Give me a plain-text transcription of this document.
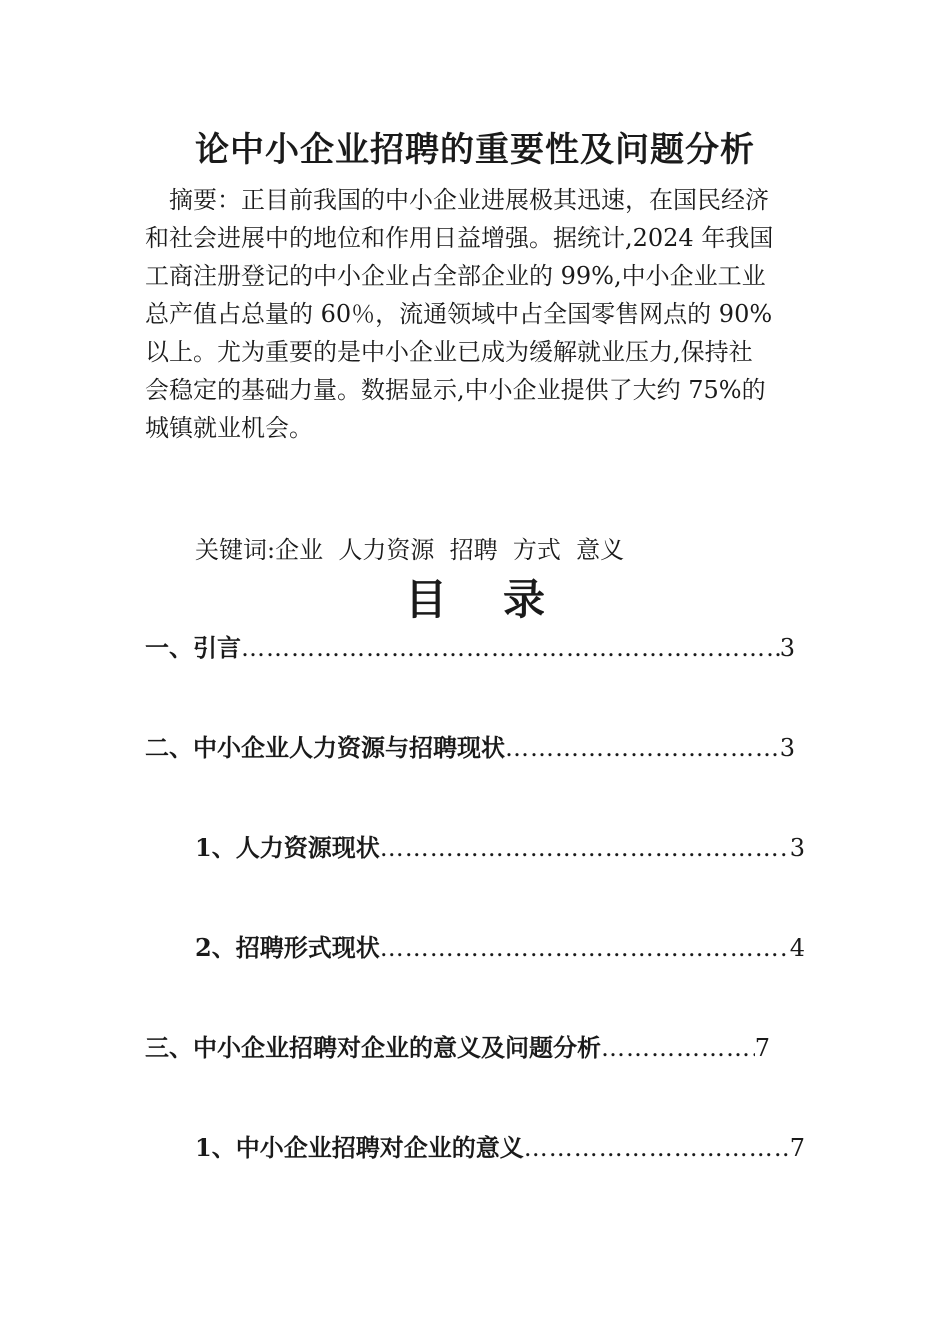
论中小企业招聘的重要性及问题分析
摘要：正目前我国的中小企业进展极其迅速，在国民经济
和社会进展中的地位和作用日益增强。据统计,2024 年我国
工商注册登记的中小企业占全部企业的 99%,中小企业工业
总产值占总量的 60％，流通领域中占全国零售网点的 90%
以上。尤为重要的是中小企业已成为缓解就业压力,保持社
会稳定的基础力量。数据显示,中小企业提供了大约 75%的
城镇就业机会。
关键词:企业  人力资源  招聘  方式  意义
目录
一、引言 …………………………………………………………………………………………………………	3
二、中小企业人力资源与招聘现状 …………………………………………………………………………………………………………	3
1、人力资源现状 …………………………………………………………………………………………………………	3
2、招聘形式现状 …………………………………………………………………………………………………………	4
三、中小企业招聘对企业的意义及问题分析 …………………………………………………………………………………………………………	7
1、中小企业招聘对企业的意义 …………………………………………………………………………………………………………	7
